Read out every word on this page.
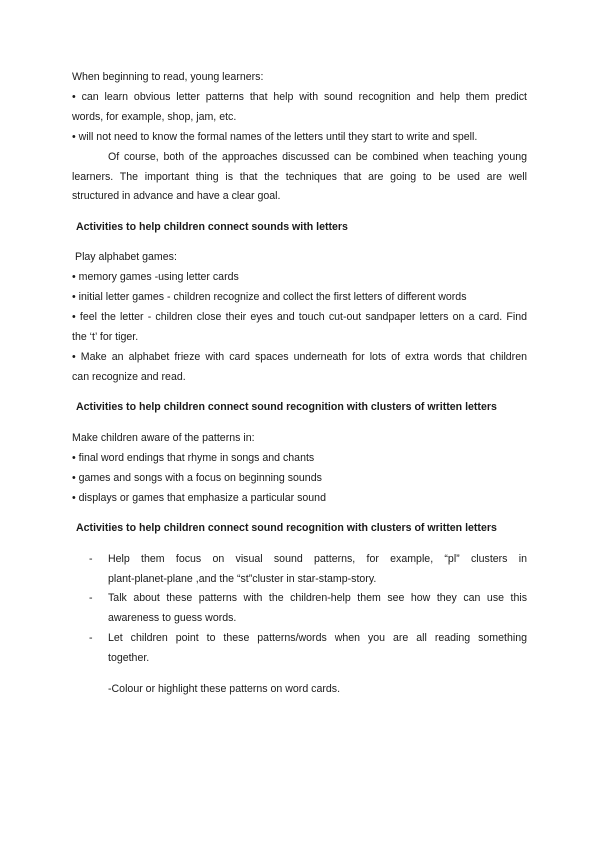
When beginning to read, young learners:

• can learn obvious letter patterns that help with sound recognition and help them predict

words, for example, shop, jam, etc.

• will not need to know the formal names of the letters until they start to write and spell.

Of course, both of the approaches discussed can be combined when teaching young

learners. The important thing is that the techniques that are going to be used are well

structured in advance and have a clear goal.

Activities to help children connect sounds with letters

Play alphabet games:

• memory games -using letter cards

• initial letter games - children recognize and collect the first letters of different words

• feel the letter - children close their eyes and touch cut-out sandpaper letters on a card. Find

the ‘t’ for tiger.

• Make an alphabet frieze with card spaces underneath for lots of extra words that children

can recognize and read.

Activities to help children connect sound recognition with clusters of written letters

Make children aware of the patterns in:

• final word endings that rhyme in songs and chants

• games and songs with a focus on beginning sounds

• displays or games that emphasize a particular sound

Activities to help children connect sound recognition with clusters of written letters

- Help them focus on visual sound patterns, for example, “pl” clusters in
plant-planet-plane ,and the “st”cluster in star-stamp-story.
- Talk about these patterns with the children-help them see how they can use this
awareness to guess words.
- Let children point to these patterns/words when you are all reading something
together.

-Colour or highlight these patterns on word cards.
